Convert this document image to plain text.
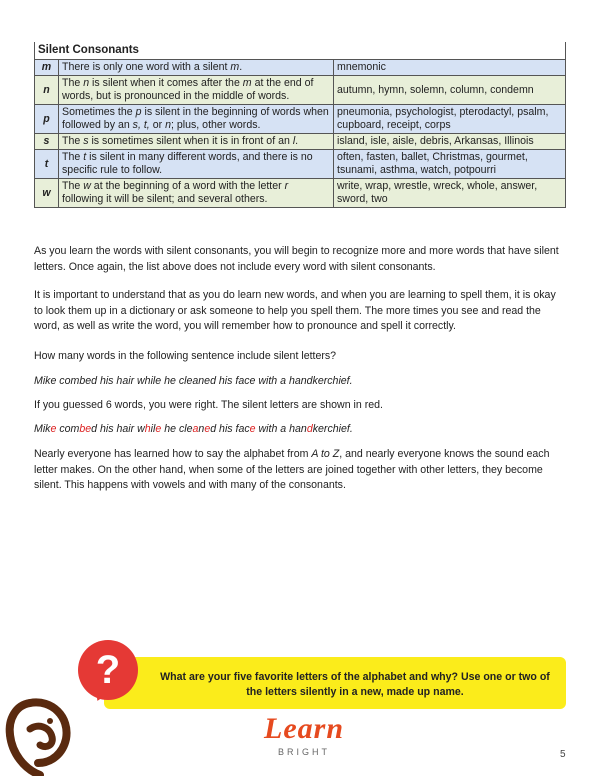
Silent Consonants		
m	There is only one word with a silent m.	mnemonic
n	The n is silent when it comes after the m at the end of words, but is pronounced in the middle of words.	autumn, hymn, solemn, column, condemn
p	Sometimes the p is silent in the beginning of words when followed by an s, t, or n; plus, other words.	pneumonia, psychologist, pterodactyl, psalm, cupboard, receipt, corps
s	The s is sometimes silent when it is in front of an l.	island, isle, aisle, debris, Arkansas, Illinois
t	The t is silent in many different words, and there is no specific rule to follow.	often, fasten, ballet, Christmas, gourmet, tsunami, asthma, watch, potpourri
w	The w at the beginning of a word with the letter r following it will be silent; and several others.	write, wrap, wrestle, wreck, whole, answer, sword, two

As you learn the words with silent consonants, you will begin to recognize more and more words that have silent letters. Once again, the list above does not include every word with silent consonants.

It is important to understand that as you do learn new words, and when you are learning to spell them, it is okay to look them up in a dictionary or ask someone to help you spell them. The more times you see and read the word, as well as write the word, you will remember how to pronounce and spell it correctly.

How many words in the following sentence include silent letters?

Mike combed his hair while he cleaned his face with a handkerchief.

If you guessed 6 words, you were right. The silent letters are shown in red.

Mike combed his hair while he cleaned his face with a handkerchief.

Nearly everyone has learned how to say the alphabet from A to Z, and nearly everyone knows the sound each letter makes. On the other hand, when some of the letters are joined together with other letters, they become silent. This happens with vowels and with many of the consonants.

?	What are your five favorite letters of the alphabet and why? Use one or two of the letters silently in a new, made up name.
Learn
BRIGHT	5
